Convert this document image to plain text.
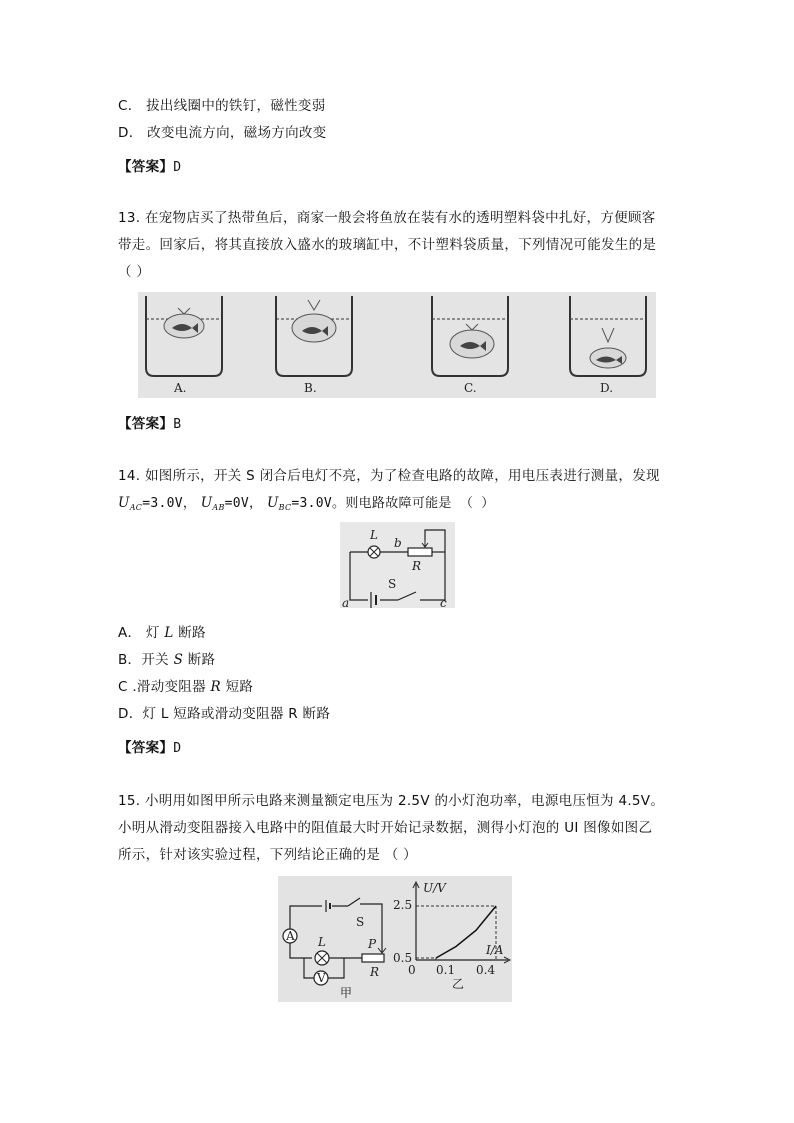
C． 拔出线圈中的铁钉，磁性变弱
D． 改变电流方向，磁场方向改变
【答案】D
13. 在宠物店买了热带鱼后，商家一般会将鱼放在装有水的透明塑料袋中扎好，方便顾客
带走。回家后，将其直接放入盛水的玻璃缸中，不计塑料袋质量，下列情况可能发生的是
（ ）
A.	B.	C.	D.
【答案】B
14. 如图所示，开关 S 闭合后电灯不亮，为了检查电路的故障，用电压表进行测量，发现
$U_{AC}=3.0V$， $U_{AB}=0V$， $U_{BC}=3.0V$。则电路故障可能是 （ ）
L
b
R
S
a	c
A． 灯 L 断路
B．开关 S 断路
C .滑动变阻器 R 短路
D．灯 L 短路或滑动变阻器 R 断路
【答案】D
15. 小明用如图甲所示电路来测量额定电压为 2.5V 的小灯泡功率，电源电压恒为 4.5V。
小明从滑动变阻器接入电路中的阻值最大时开始记录数据，测得小灯泡的 UI 图像如图乙
所示，针对该实验过程，下列结论正确的是 （ ）
A
V
L
S
P
R
甲
U/V
I/A
2.5
0.5
0 0.1 0.4
乙
